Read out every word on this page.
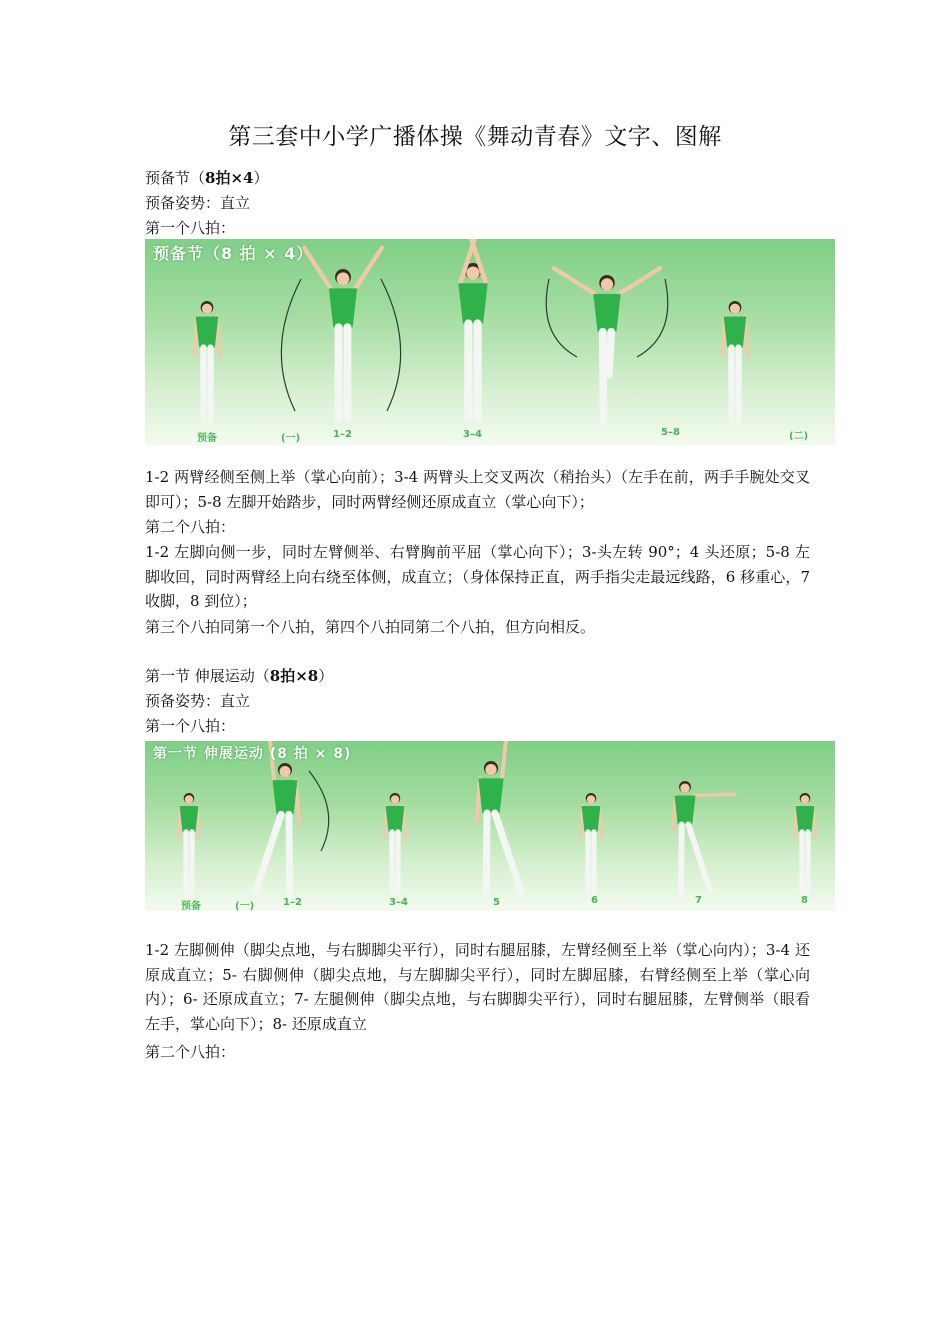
第三套中小学广播体操《舞动青春》文字、图解
预备节（8拍×4）
预备姿势：直立
第一个八拍：
预备节（8 拍 × 4）
预备	(一)	1–2	3–4	5–8	(二)
1-2 两臂经侧至侧上举（掌心向前）；3-4 两臂头上交叉两次（稍抬头）（左手在前，两手手腕处交叉即可）；5-8 左脚开始踏步，同时两臂经侧还原成直立（掌心向下）；
第二个八拍：
1-2 左脚向侧一步，同时左臂侧举、右臂胸前平屈（掌心向下）；3-头左转 90°；4 头还原；5-8 左脚收回，同时两臂经上向右绕至体侧，成直立；（身体保持正直，两手指尖走最远线路，6 移重心，7 收脚，8 到位）；
第三个八拍同第一个八拍，第四个八拍同第二个八拍，但方向相反。
第一节 伸展运动（8拍×8）
预备姿势：直立
第一个八拍：
第一节 伸展运动 (8 拍 × 8)
预备	(一)	1–2	3–4	5	6	7	8
1-2 左脚侧伸（脚尖点地，与右脚脚尖平行），同时右腿屈膝，左臂经侧至上举（掌心向内）；3-4 还原成直立；5- 右脚侧伸（脚尖点地，与左脚脚尖平行），同时左脚屈膝，右臂经侧至上举（掌心向内）；6- 还原成直立；7- 左腿侧伸（脚尖点地，与右脚脚尖平行），同时右腿屈膝，左臂侧举（眼看左手，掌心向下）；8- 还原成直立
第二个八拍：
